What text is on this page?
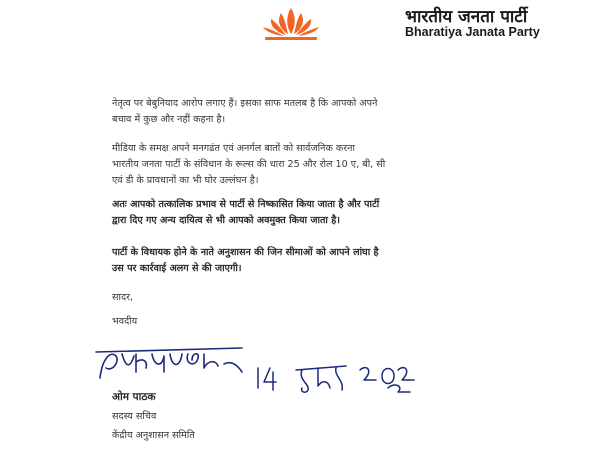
भारतीय जनता पार्टी
Bharatiya Janata Party
नेतृत्व पर बेबुनियाद आरोप लगाए हैं। इसका साफ मतलब है कि आपको अपने
बचाव में कुछ और नहीं कहना है।
मीडिया के समक्ष अपने मनगढंत एवं अनर्गल बातों को सार्वजनिक करना
भारतीय जनता पार्टी के संविधान के रूल्स की धारा 25 और रोल 10 ए, बी, सी
एवं डी के प्रावधानों का भी घोर उल्लंघन है।
अतः आपको तत्कालिक प्रभाव से पार्टी से निष्कासित किया जाता है और पार्टी
द्वारा दिए गए अन्य दायित्व से भी आपको अवमुक्त किया जाता है।
पार्टी के विधायक होने के नाते अनुशासन की जिन सीमाओं को आपने लांघा है
उस पर कार्रवाई अलग से की जाएगी।
सादर,
भवदीय
ओम पाठक
सदस्य सचिव
केंद्रीय अनुशासन समिति
